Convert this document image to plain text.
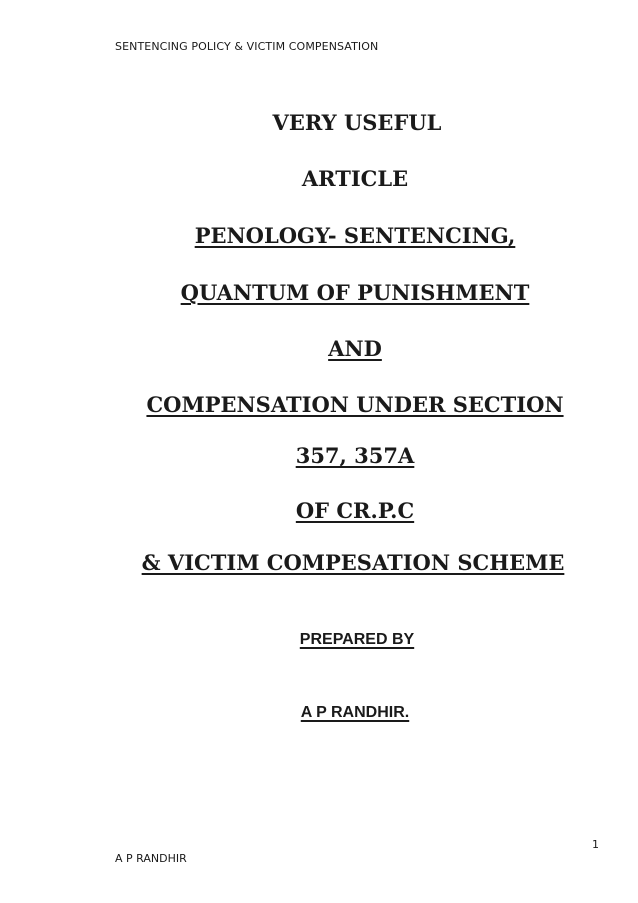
SENTENCING POLICY & VICTIM COMPENSATION
VERY USEFUL
ARTICLE
PENOLOGY- SENTENCING,
QUANTUM OF PUNISHMENT
AND
COMPENSATION UNDER SECTION
357, 357A
OF CR.P.C
& VICTIM COMPESATION SCHEME
PREPARED BY
A P RANDHIR.
1
A P RANDHIR
